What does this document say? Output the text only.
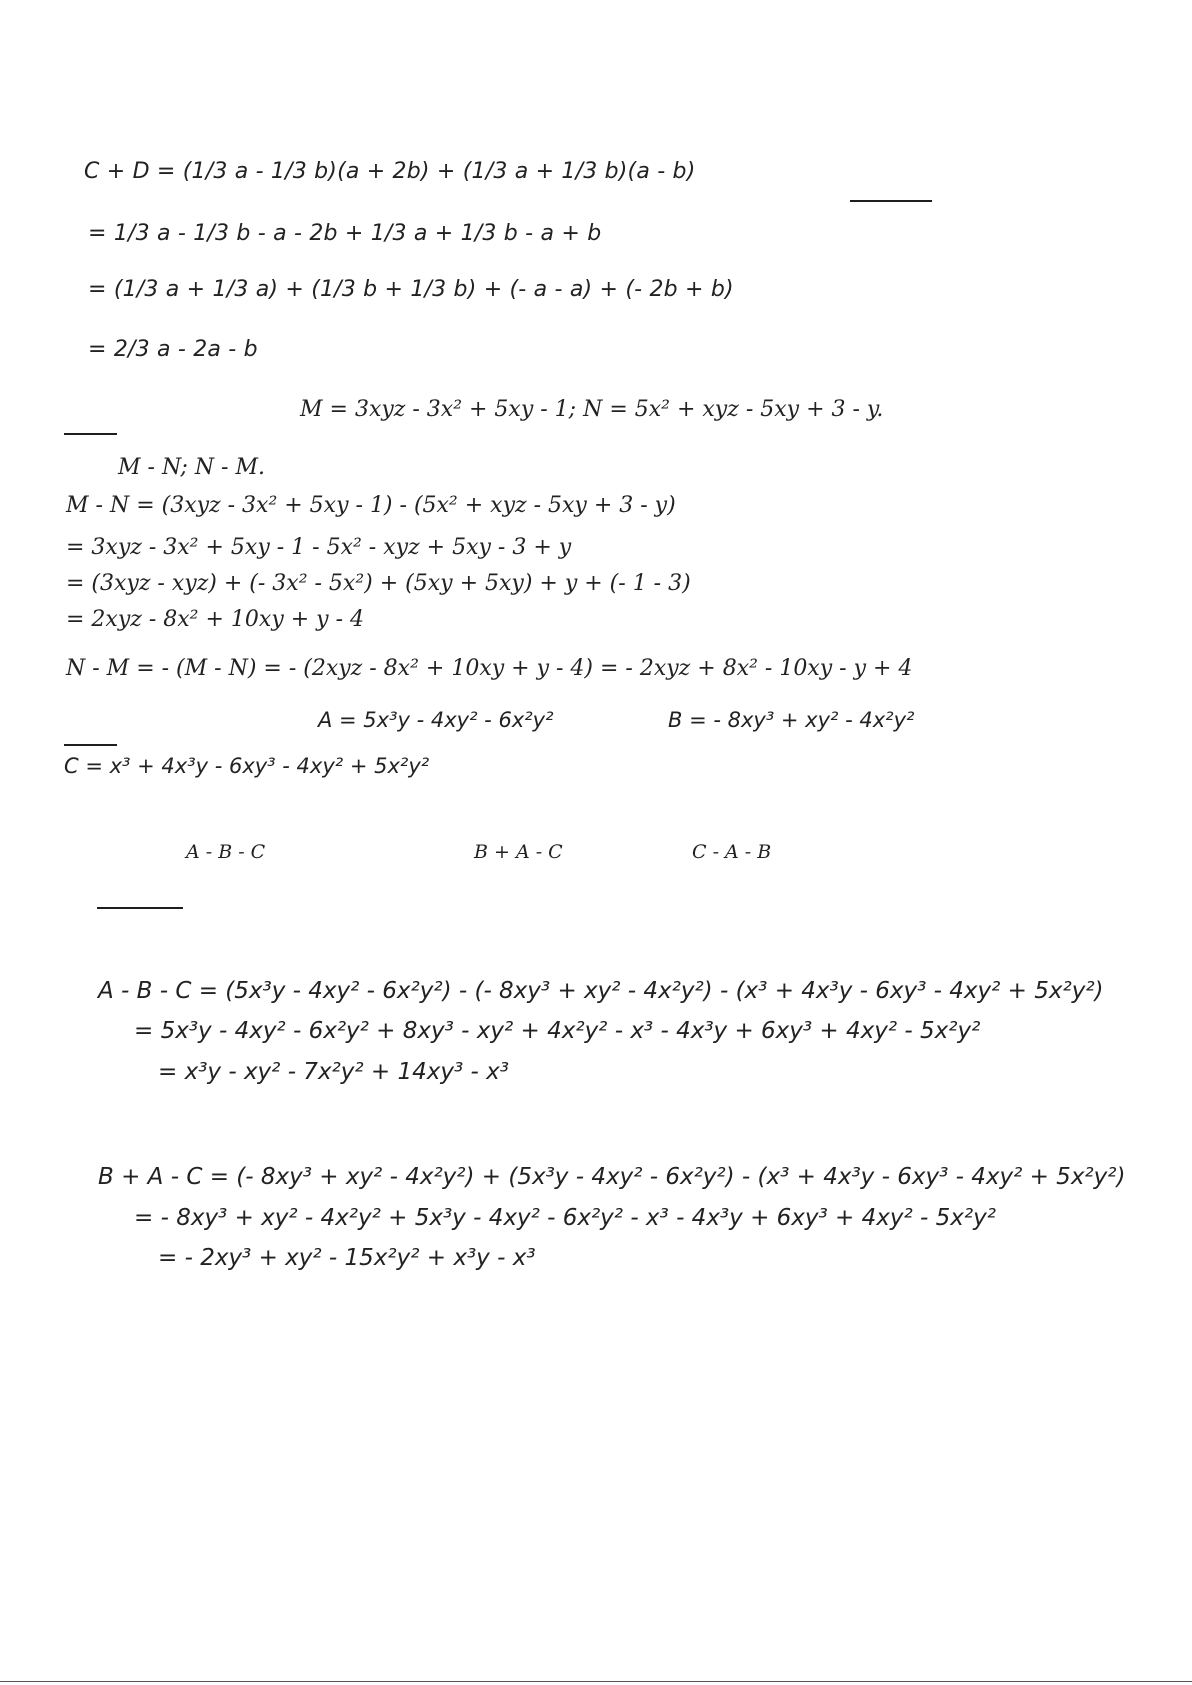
C + D = (1/3 a - 1/3 b)(a + 2b) + (1/3 a + 1/3 b)(a - b)
= 1/3 a - 1/3 b - a - 2b + 1/3 a + 1/3 b - a + b
= (1/3 a + 1/3 a) + (1/3 b + 1/3 b) + (- a - a) + (- 2b + b)
= 2/3 a - 2a - b
M = 3xyz - 3x² + 5xy - 1; N = 5x² + xyz - 5xy + 3 - y.
M - N; N - M.
M - N = (3xyz - 3x² + 5xy - 1) - (5x² + xyz - 5xy + 3 - y)
= 3xyz - 3x² + 5xy - 1 - 5x² - xyz + 5xy - 3 + y
= (3xyz - xyz) + (- 3x² - 5x²) + (5xy + 5xy) + y + (- 1 - 3)
= 2xyz - 8x² + 10xy + y - 4
N - M = - (M - N) = - (2xyz - 8x² + 10xy + y - 4) = - 2xyz + 8x² - 10xy - y + 4
A = 5x³y - 4xy² - 6x²y²	B = - 8xy³ + xy² - 4x²y²
C = x³ + 4x³y - 6xy³ - 4xy² + 5x²y²
A - B - C	B + A - C	C - A - B
A - B - C = (5x³y - 4xy² - 6x²y²) - (- 8xy³ + xy² - 4x²y²) - (x³ + 4x³y - 6xy³ - 4xy² + 5x²y²)
= 5x³y - 4xy² - 6x²y² + 8xy³ - xy² + 4x²y² - x³ - 4x³y + 6xy³ + 4xy² - 5x²y²
= x³y - xy² - 7x²y² + 14xy³ - x³
B + A - C = (- 8xy³ + xy² - 4x²y²) + (5x³y - 4xy² - 6x²y²) - (x³ + 4x³y - 6xy³ - 4xy² + 5x²y²)
= - 8xy³ + xy² - 4x²y² + 5x³y - 4xy² - 6x²y² - x³ - 4x³y + 6xy³ + 4xy² - 5x²y²
= - 2xy³ + xy² - 15x²y² + x³y - x³
